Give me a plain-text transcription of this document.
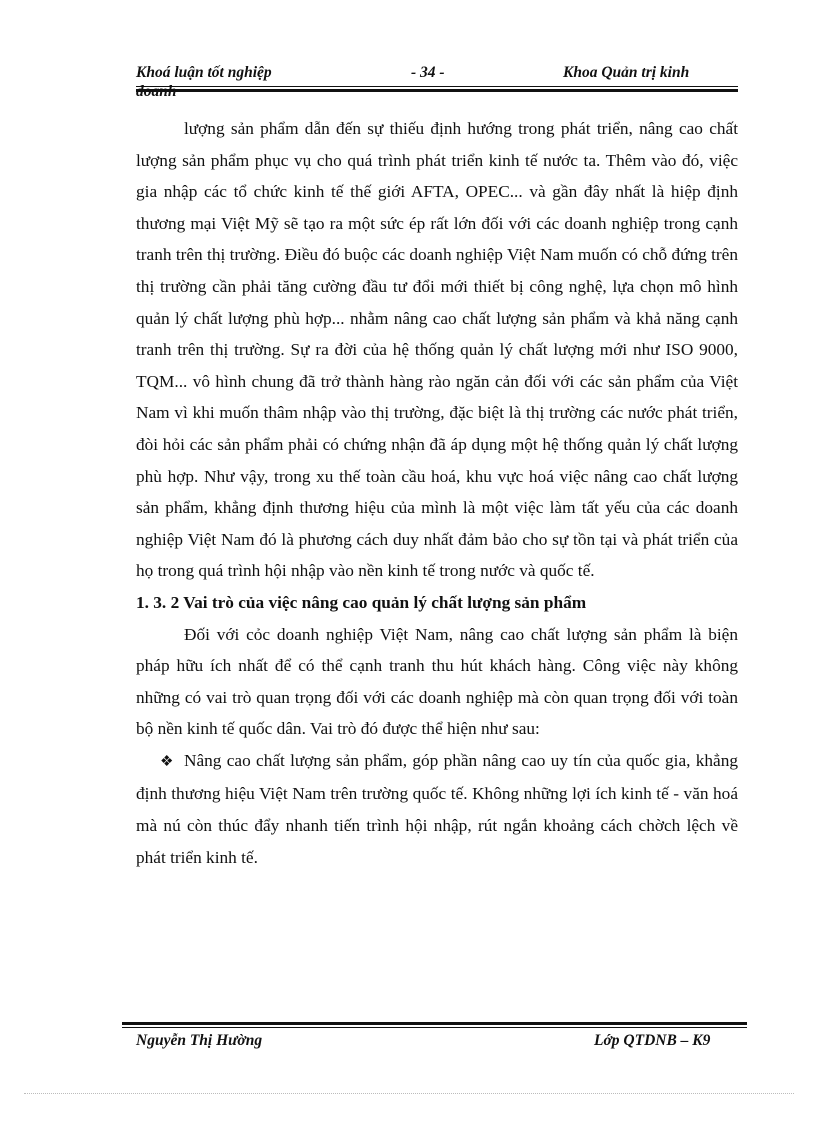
Khoá luận tốt nghiệp	- 34 -	Khoa Quản trị kinh
doanh

lượng sản phẩm dẫn đến sự thiếu định hướng trong phát triển, nâng cao chất lượng sản phẩm phục vụ cho quá trình phát triển kinh tế nước ta. Thêm vào đó, việc gia nhập các tổ chức kinh tế thế giới AFTA, OPEC... và gần đây nhất là hiệp định thương mại Việt Mỹ sẽ tạo ra một sức ép rất lớn đối với các doanh nghiệp trong cạnh tranh trên thị trường. Điều đó buộc các doanh nghiệp Việt Nam muốn có chỗ đứng trên thị trường cần phải tăng cường đầu tư đổi mới thiết bị công nghệ, lựa chọn mô hình quản lý chất lượng phù hợp... nhằm nâng cao chất lượng sản phẩm và khả năng cạnh tranh trên thị trường. Sự ra đời của hệ thống quản lý chất lượng mới như ISO 9000, TQM... vô hình chung đã trở thành hàng rào ngăn cản đối với các sản phẩm của Việt Nam vì khi muốn thâm nhập vào thị trường, đặc biệt là thị trường các nước phát triển, đòi hỏi các sản phẩm phải có chứng nhận đã áp dụng một hệ thống quản lý chất lượng phù hợp. Như vậy, trong xu thế toàn cầu hoá, khu vực hoá việc nâng cao chất lượng sản phẩm, khẳng định thương hiệu của mình là một việc làm tất yếu của các doanh nghiệp Việt Nam đó là phương cách duy nhất đảm bảo cho sự tồn tại và phát triển của họ trong quá trình hội nhập vào nền kinh tế trong nước và quốc tế.

1. 3. 2 Vai trò của việc nâng cao quản lý chất lượng sản phẩm

Đối với cỏc doanh nghiệp Việt Nam, nâng cao chất lượng sản phẩm là biện pháp hữu ích nhất để có thể cạnh tranh thu hút khách hàng. Công việc này không những có vai trò quan trọng đối với các doanh nghiệp mà còn quan trọng đối với toàn bộ nền kinh tế quốc dân. Vai trò đó được thể hiện như sau:

❖ Nâng cao chất lượng sản phẩm, góp phần nâng cao uy tín của quốc gia, khẳng định thương hiệu Việt Nam trên trường quốc tế. Không những lợi ích kinh tế - văn hoá mà nú còn thúc đẩy nhanh tiến trình hội nhập, rút ngắn khoảng cách chờch lệch về phát triển kinh tế.

Nguyễn Thị Hường	Lớp QTDNB – K9
